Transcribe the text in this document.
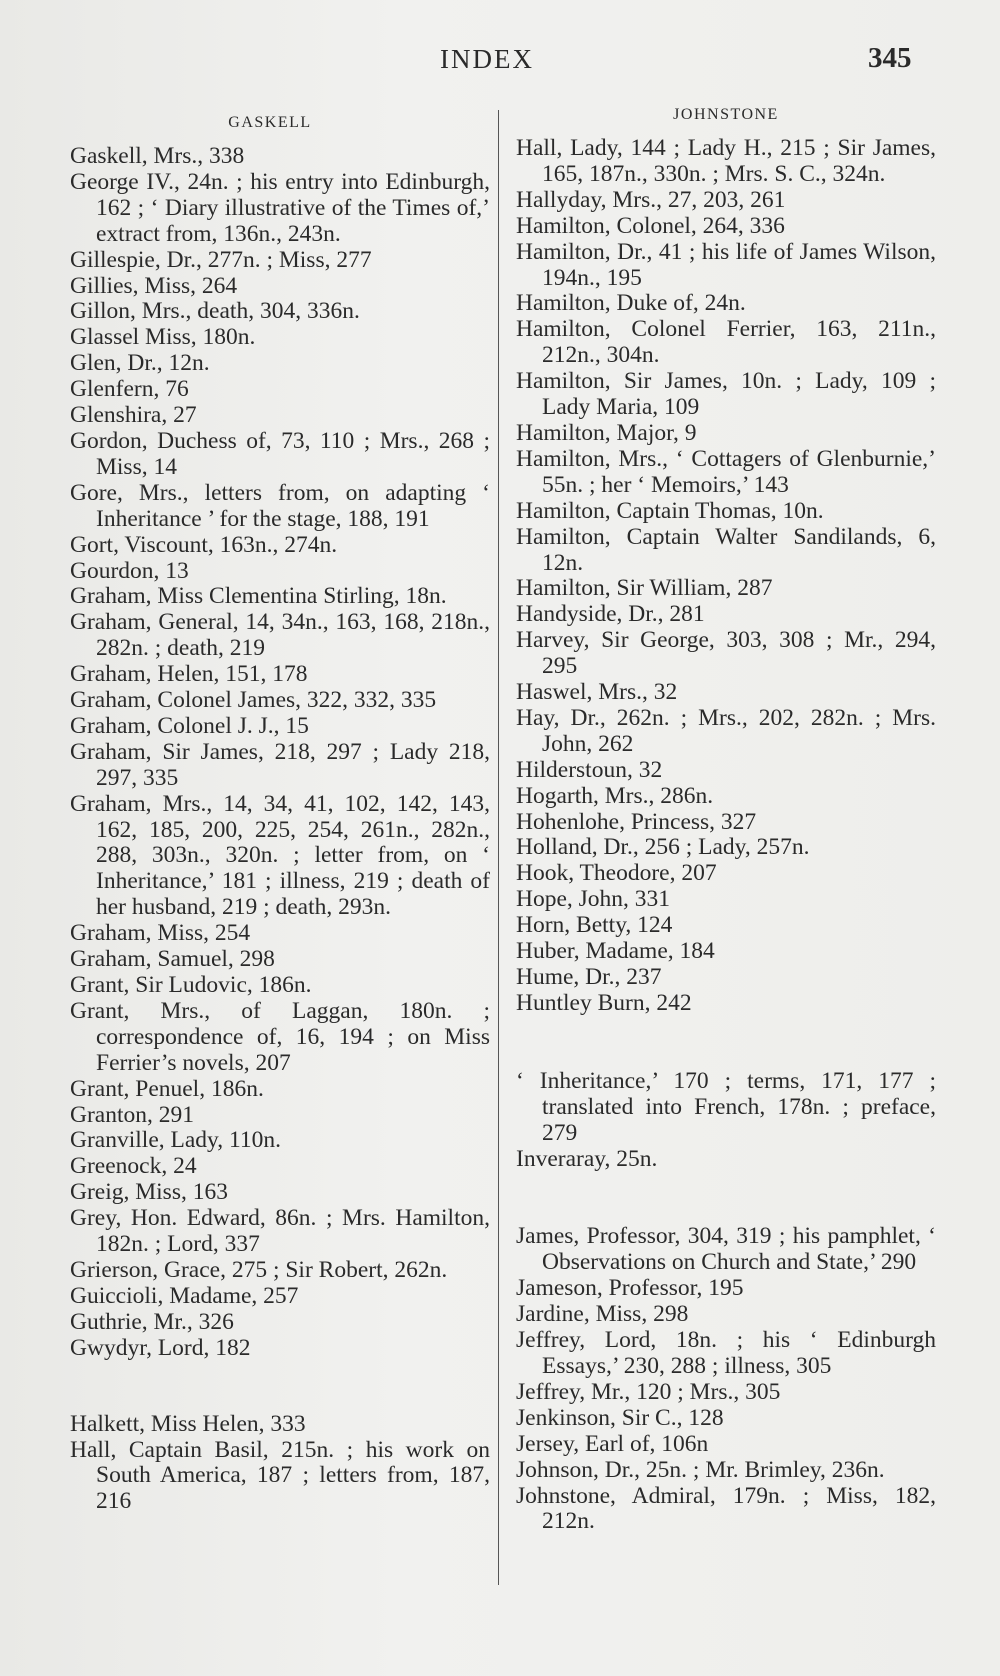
INDEX	345
GASKELL
Gaskell, Mrs., 338
George IV., 24n. ; his entry into Edinburgh, 162 ; ‘ Diary illustrative of the Times of,’ extract from, 136n., 243n.
Gillespie, Dr., 277n. ; Miss, 277
Gillies, Miss, 264
Gillon, Mrs., death, 304, 336n.
Glassel Miss, 180n.
Glen, Dr., 12n.
Glenfern, 76
Glenshira, 27
Gordon, Duchess of, 73, 110 ; Mrs., 268 ; Miss, 14
Gore, Mrs., letters from, on adapting ‘ Inheritance ’ for the stage, 188, 191
Gort, Viscount, 163n., 274n.
Gourdon, 13
Graham, Miss Clementina Stirling, 18n.
Graham, General, 14, 34n., 163, 168, 218n., 282n. ; death, 219
Graham, Helen, 151, 178
Graham, Colonel James, 322, 332, 335
Graham, Colonel J. J., 15
Graham, Sir James, 218, 297 ; Lady 218, 297, 335
Graham, Mrs., 14, 34, 41, 102, 142, 143, 162, 185, 200, 225, 254, 261n., 282n., 288, 303n., 320n. ; letter from, on ‘ Inheritance,’ 181 ; illness, 219 ; death of her husband, 219 ; death, 293n.
Graham, Miss, 254
Graham, Samuel, 298
Grant, Sir Ludovic, 186n.
Grant, Mrs., of Laggan, 180n. ; correspondence of, 16, 194 ; on Miss Ferrier’s novels, 207
Grant, Penuel, 186n.
Granton, 291
Granville, Lady, 110n.
Greenock, 24
Greig, Miss, 163
Grey, Hon. Edward, 86n. ; Mrs. Hamilton, 182n. ; Lord, 337
Grierson, Grace, 275 ; Sir Robert, 262n.
Guiccioli, Madame, 257
Guthrie, Mr., 326
Gwydyr, Lord, 182
Halkett, Miss Helen, 333
Hall, Captain Basil, 215n. ; his work on South America, 187 ; letters from, 187, 216
JOHNSTONE
Hall, Lady, 144 ; Lady H., 215 ; Sir James, 165, 187n., 330n. ; Mrs. S. C., 324n.
Hallyday, Mrs., 27, 203, 261
Hamilton, Colonel, 264, 336
Hamilton, Dr., 41 ; his life of James Wilson, 194n., 195
Hamilton, Duke of, 24n.
Hamilton, Colonel Ferrier, 163, 211n., 212n., 304n.
Hamilton, Sir James, 10n. ; Lady, 109 ; Lady Maria, 109
Hamilton, Major, 9
Hamilton, Mrs., ‘ Cottagers of Glenburnie,’ 55n. ; her ‘ Memoirs,’ 143
Hamilton, Captain Thomas, 10n.
Hamilton, Captain Walter Sandilands, 6, 12n.
Hamilton, Sir William, 287
Handyside, Dr., 281
Harvey, Sir George, 303, 308 ; Mr., 294, 295
Haswel, Mrs., 32
Hay, Dr., 262n. ; Mrs., 202, 282n. ; Mrs. John, 262
Hilderstoun, 32
Hogarth, Mrs., 286n.
Hohenlohe, Princess, 327
Holland, Dr., 256 ; Lady, 257n.
Hook, Theodore, 207
Hope, John, 331
Horn, Betty, 124
Huber, Madame, 184
Hume, Dr., 237
Huntley Burn, 242
‘ Inheritance,’ 170 ; terms, 171, 177 ; translated into French, 178n. ; preface, 279
Inveraray, 25n.
James, Professor, 304, 319 ; his pamphlet, ‘ Observations on Church and State,’ 290
Jameson, Professor, 195
Jardine, Miss, 298
Jeffrey, Lord, 18n. ; his ‘ Edinburgh Essays,’ 230, 288 ; illness, 305
Jeffrey, Mr., 120 ; Mrs., 305
Jenkinson, Sir C., 128
Jersey, Earl of, 106n
Johnson, Dr., 25n. ; Mr. Brimley, 236n.
Johnstone, Admiral, 179n. ; Miss, 182, 212n.
